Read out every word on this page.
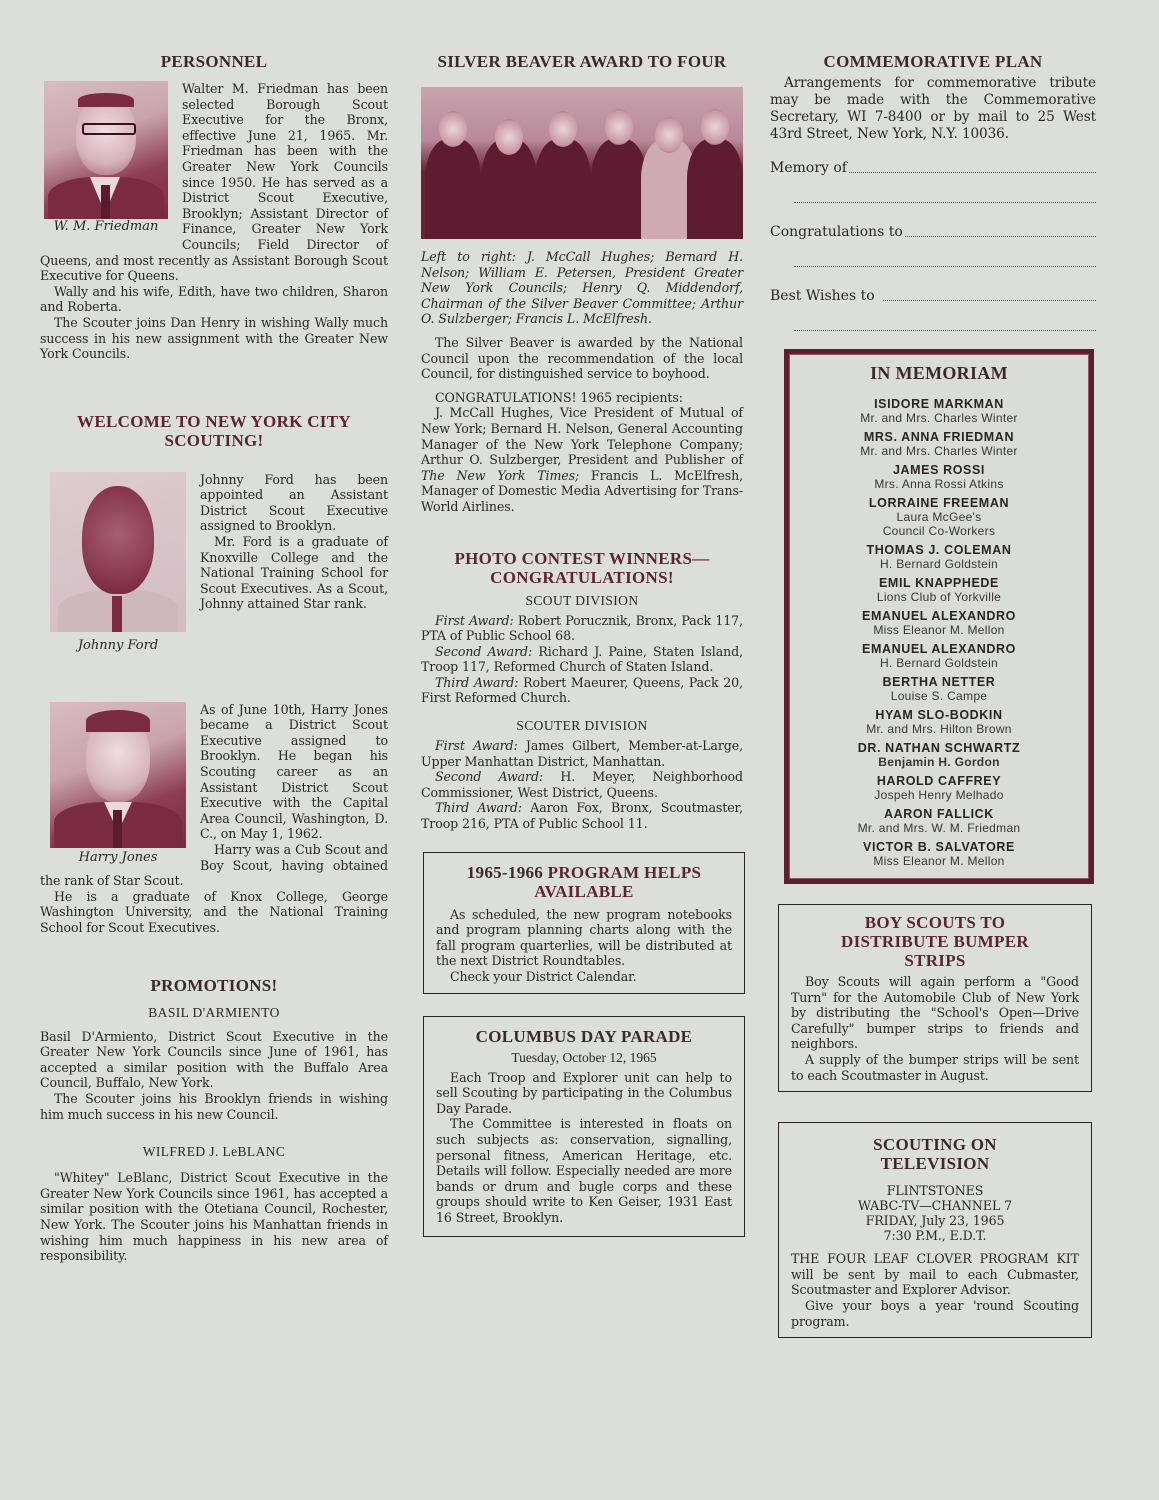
PERSONNEL
W. M. Friedman

Walter M. Friedman has been selected Borough Scout Executive for the Bronx, effective June 21, 1965. Mr. Friedman has been with the Greater New York Councils since 1950. He has served as a District Scout Executive, Brooklyn; Assistant Director of Finance, Greater New York Councils; Field Director of Queens, and most recently as Assistant Borough Scout Executive for Queens.

Wally and his wife, Edith, have two children, Sharon and Roberta.

The Scouter joins Dan Henry in wishing Wally much success in his new assignment with the Greater New York Councils.

WELCOME TO NEW YORK CITY SCOUTING!
Johnny Ford

Johnny Ford has been appointed an Assistant District Scout Executive assigned to Brooklyn.

Mr. Ford is a graduate of Knoxville College and the National Training School for Scout Executives. As a Scout, Johnny attained Star rank.

Harry Jones

As of June 10th, Harry Jones became a District Scout Executive assigned to Brooklyn. He began his Scouting career as an Assistant District Scout Executive with the Capital Area Council, Washington, D. C., on May 1, 1962.

Harry was a Cub Scout and Boy Scout, having obtained the rank of Star Scout.

He is a graduate of Knox College, George Washington University, and the National Training School for Scout Executives.

PROMOTIONS!
BASIL D'ARMIENTO

Basil D'Armiento, District Scout Executive in the Greater New York Councils since June of 1961, has accepted a similar position with the Buffalo Area Council, Buffalo, New York.

The Scouter joins his Brooklyn friends in wishing him much success in his new Council.

WILFRED J. LeBLANC

"Whitey" LeBlanc, District Scout Executive in the Greater New York Councils since 1961, has accepted a similar position with the Otetiana Council, Rochester, New York. The Scouter joins his Manhattan friends in wishing him much happiness in his new area of responsibility.

SILVER BEAVER AWARD TO FOUR

Left to right: J. McCall Hughes; Bernard H. Nelson; William E. Petersen, President Greater New York Councils; Henry Q. Middendorf, Chairman of the Silver Beaver Committee; Arthur O. Sulzberger; Francis L. McElfresh.

The Silver Beaver is awarded by the National Council upon the recommendation of the local Council, for distinguished service to boyhood.

CONGRATULATIONS! 1965 recipients:

J. McCall Hughes, Vice President of Mutual of New York; Bernard H. Nelson, General Accounting Manager of the New York Telephone Company; Arthur O. Sulzberger, President and Publisher of The New York Times; Francis L. McElfresh, Manager of Domestic Media Advertising for Trans-World Airlines.

PHOTO CONTEST WINNERS— CONGRATULATIONS!
SCOUT DIVISION

First Award: Robert Porucznik, Bronx, Pack 117, PTA of Public School 68.

Second Award: Richard J. Paine, Staten Island, Troop 117, Reformed Church of Staten Island.

Third Award: Robert Maeurer, Queens, Pack 20, First Reformed Church.

SCOUTER DIVISION

First Award: James Gilbert, Member-at-Large, Upper Manhattan District, Manhattan.

Second Award: H. Meyer, Neighborhood Commissioner, West District, Queens.

Third Award: Aaron Fox, Bronx, Scoutmaster, Troop 216, PTA of Public School 11.

1965-1966 PROGRAM HELPS AVAILABLE

As scheduled, the new program notebooks and program planning charts along with the fall program quarterlies, will be distributed at the next District Roundtables.

Check your District Calendar.

COLUMBUS DAY PARADE
Tuesday, October 12, 1965

Each Troop and Explorer unit can help to sell Scouting by participating in the Columbus Day Parade.

The Committee is interested in floats on such subjects as: conservation, signalling, personal fitness, American Heritage, etc. Details will follow. Especially needed are more bands or drum and bugle corps and these groups should write to Ken Geiser, 1931 East 16 Street, Brooklyn.

COMMEMORATIVE PLAN

Arrangements for commemorative tribute may be made with the Commemorative Secretary, WI 7-8400 or by mail to 25 West 43rd Street, New York, N.Y. 10036.

Memory of
Congratulations to
Best Wishes to
IN MEMORIAM
ISIDORE MARKMAN
Mr. and Mrs. Charles Winter
MRS. ANNA FRIEDMAN
Mr. and Mrs. Charles Winter
JAMES ROSSI
Mrs. Anna Rossi Atkins
LORRAINE FREEMAN
Laura McGee's Council Co-Workers
THOMAS J. COLEMAN
H. Bernard Goldstein
EMIL KNAPPHEDE
Lions Club of Yorkville
EMANUEL ALEXANDRO
Miss Eleanor M. Mellon
EMANUEL ALEXANDRO
H. Bernard Goldstein
BERTHA NETTER
Louise S. Campe
HYAM SLO-BODKIN
Mr. and Mrs. Hilton Brown
DR. NATHAN SCHWARTZ
Benjamin H. Gordon
HAROLD CAFFREY
Jospeh Henry Melhado
AARON FALLICK
Mr. and Mrs. W. M. Friedman
VICTOR B. SALVATORE
Miss Eleanor M. Mellon
BOY SCOUTS TO DISTRIBUTE BUMPER STRIPS

Boy Scouts will again perform a "Good Turn" for the Automobile Club of New York by distributing the "School's Open—Drive Carefully" bumper strips to friends and neighbors.

A supply of the bumper strips will be sent to each Scoutmaster in August.

SCOUTING ON TELEVISION

FLINTSTONES

WABC-TV—CHANNEL 7

FRIDAY, July 23, 1965

7:30 P.M., E.D.T.

THE FOUR LEAF CLOVER PROGRAM KIT will be sent by mail to each Cubmaster, Scoutmaster and Explorer Advisor.

Give your boys a year 'round Scouting program.
